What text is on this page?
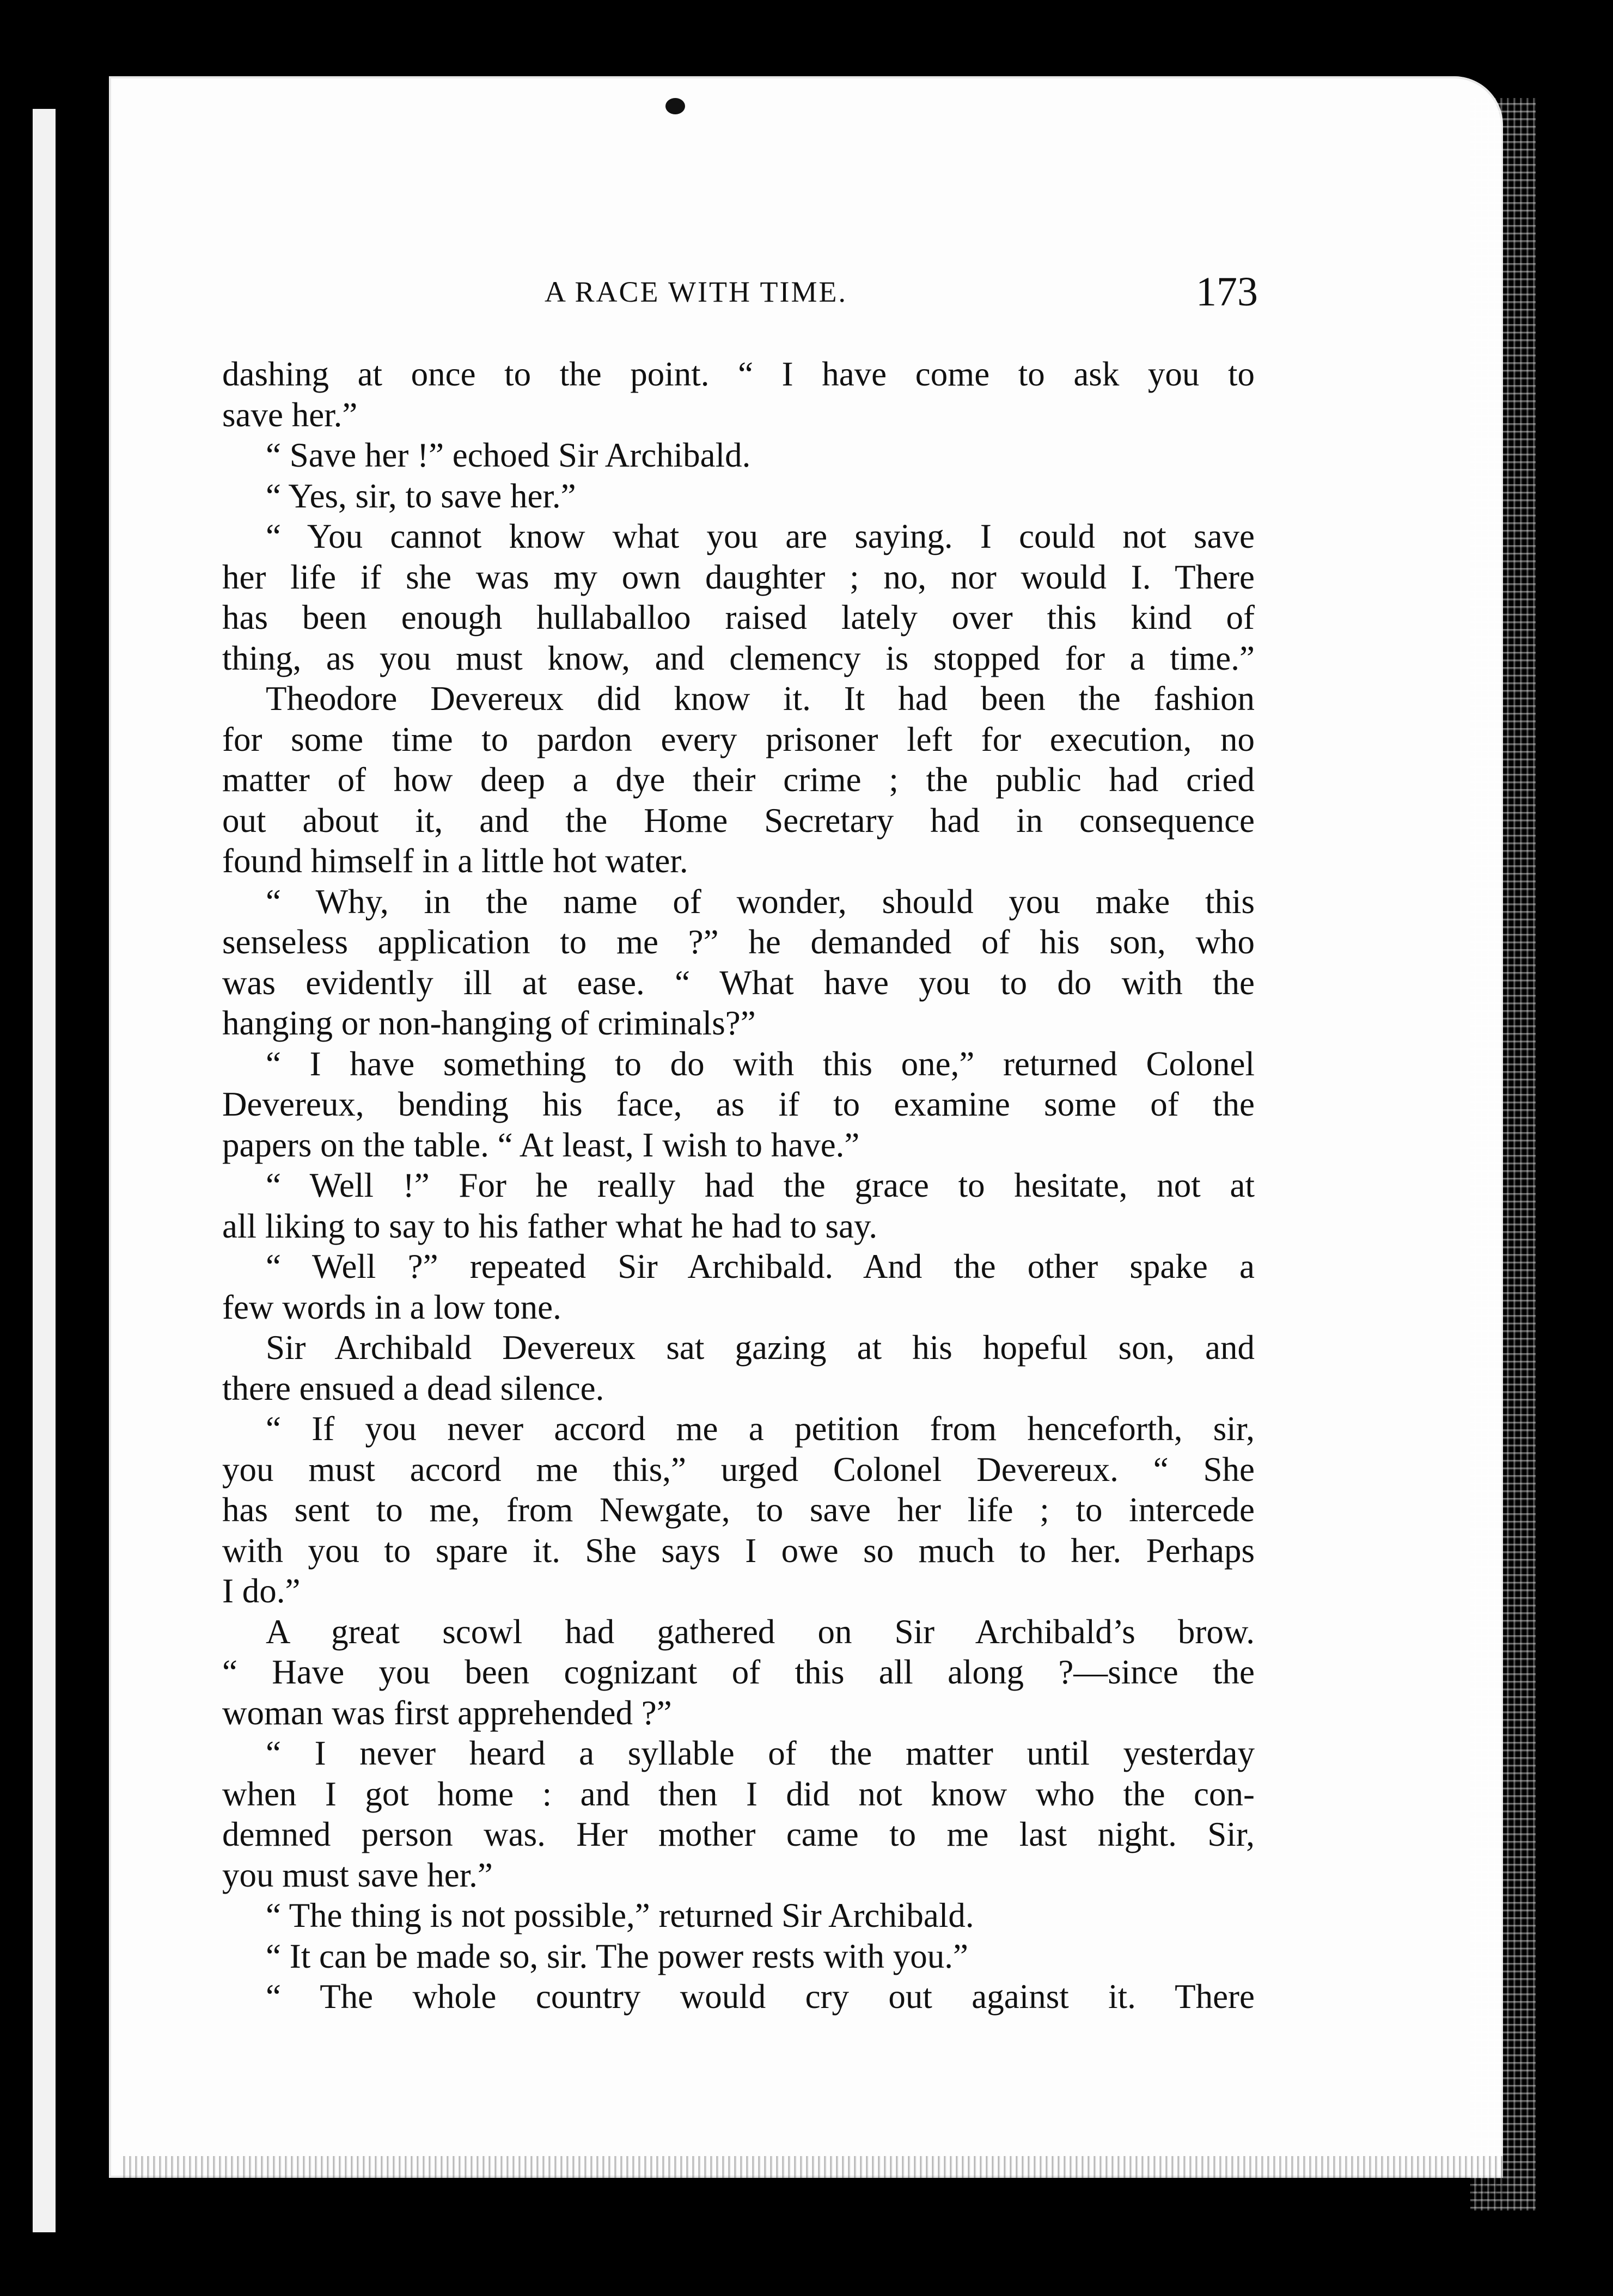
A RACE WITH TIME.	173
dashing at once to the point. “ I have come to ask you to
save her.”
“ Save her !” echoed Sir Archibald.
“ Yes, sir, to save her.”
“ You cannot know what you are saying. I could not save
her life if she was my own daughter ; no, nor would I. There
has been enough hullaballoo raised lately over this kind of
thing, as you must know, and clemency is stopped for a time.”
Theodore Devereux did know it. It had been the fashion
for some time to pardon every prisoner left for execution, no
matter of how deep a dye their crime ; the public had cried
out about it, and the Home Secretary had in consequence
found himself in a little hot water.
“ Why, in the name of wonder, should you make this
senseless application to me ?” he demanded of his son, who
was evidently ill at ease. “ What have you to do with the
hanging or non-hanging of criminals?”
“ I have something to do with this one,” returned Colonel
Devereux, bending his face, as if to examine some of the
papers on the table. “ At least, I wish to have.”
“ Well !” For he really had the grace to hesitate, not at
all liking to say to his father what he had to say.
“ Well ?” repeated Sir Archibald. And the other spake a
few words in a low tone.
Sir Archibald Devereux sat gazing at his hopeful son, and
there ensued a dead silence.
“ If you never accord me a petition from henceforth, sir,
you must accord me this,” urged Colonel Devereux. “ She
has sent to me, from Newgate, to save her life ; to intercede
with you to spare it. She says I owe so much to her. Perhaps
I do.”
A great scowl had gathered on Sir Archibald’s brow.
“ Have you been cognizant of this all along ?—since the
woman was first apprehended ?”
“ I never heard a syllable of the matter until yesterday
when I got home : and then I did not know who the con-
demned person was. Her mother came to me last night. Sir,
you must save her.”
“ The thing is not possible,” returned Sir Archibald.
“ It can be made so, sir. The power rests with you.”
“ The whole country would cry out against it. There
